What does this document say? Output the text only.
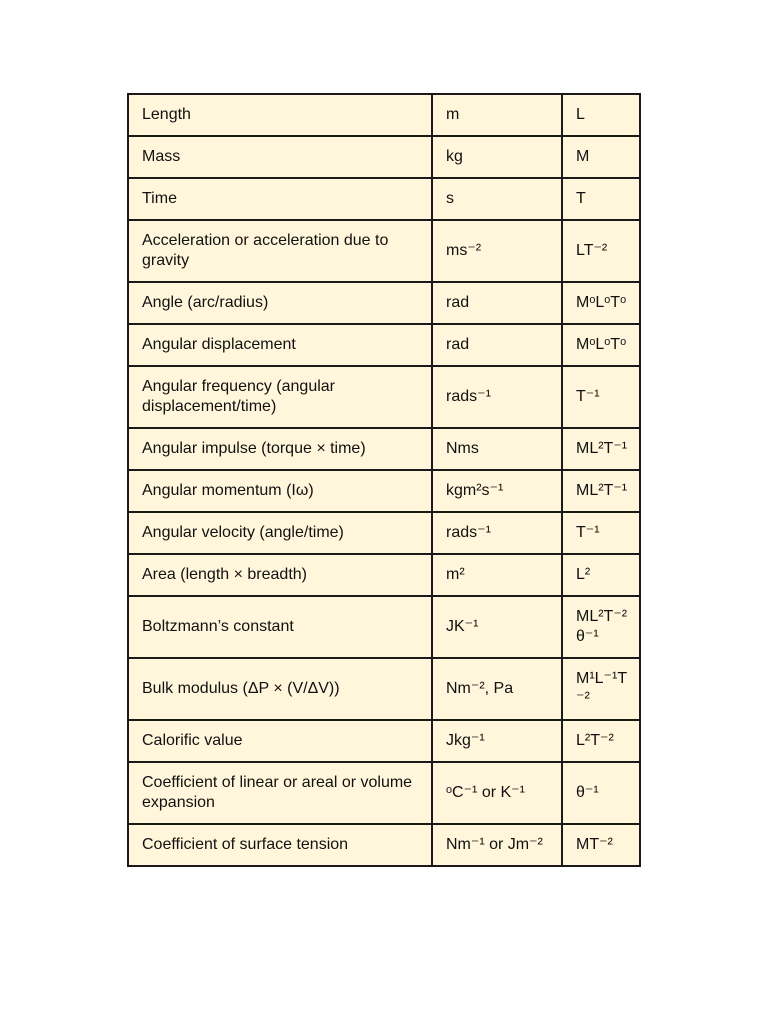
Length	m	L
Mass	kg	M
Time	s	T
Acceleration or acceleration due to gravity	ms⁻²	LT⁻²
Angle (arc/radius)	rad	MᵒLᵒTᵒ
Angular displacement	rad	MᵒLᵒTᵒ
Angular frequency (angular displacement/time)	rads⁻¹	T⁻¹
Angular impulse (torque × time)	Nms	ML²T⁻¹
Angular momentum (Iω)	kgm²s⁻¹	ML²T⁻¹
Angular velocity (angle/time)	rads⁻¹	T⁻¹
Area (length × breadth)	m²	L²
Boltzmann’s constant	JK⁻¹	ML²T⁻²θ⁻¹
Bulk modulus (ΔP × (V/ΔV))	Nm⁻², Pa	M¹L⁻¹T⁻²
Calorific value	Jkg⁻¹	L²T⁻²
Coefficient of linear or areal or volume expansion	ᵒC⁻¹ or K⁻¹	θ⁻¹
Coefficient of surface tension	Nm⁻¹ or Jm⁻²	MT⁻²
